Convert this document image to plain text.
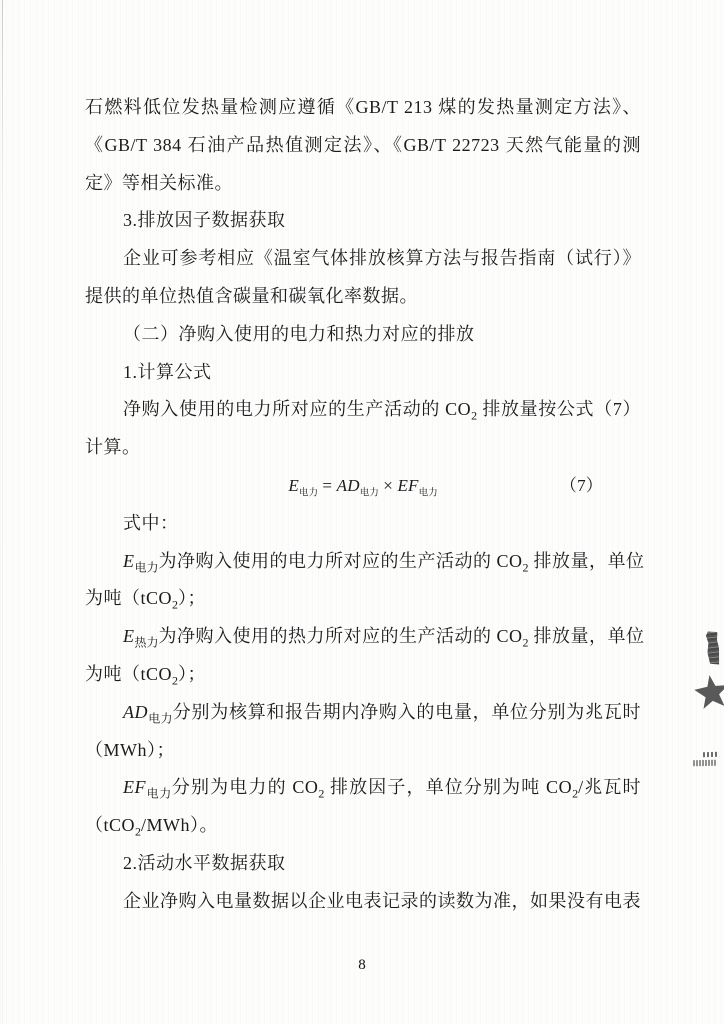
石燃料低位发热量检测应遵循《GB/T 213 煤的发热量测定方法》、
《GB/T 384 石油产品热值测定法》、《GB/T 22723 天然气能量的测
定》等相关标准。
3.排放因子数据获取
企业可参考相应《温室气体排放核算方法与报告指南（试行）》
提供的单位热值含碳量和碳氧化率数据。
（二）净购入使用的电力和热力对应的排放
1.计算公式
净购入使用的电力所对应的生产活动的 $CO_2$ 排放量按公式（7）
计算。
$E_{电力} = AD_{电力} \times EF_{电力}$	（7）
式中：
$E_{电力}$为净购入使用的电力所对应的生产活动的 $CO_2$ 排放量，单位
为吨（tCO$_2$）；
$E_{热力}$为净购入使用的热力所对应的生产活动的 $CO_2$ 排放量，单位
为吨（tCO$_2$）；
$AD_{电力}$分别为核算和报告期内净购入的电量，单位分别为兆瓦时
（MWh）；
$EF_{电力}$分别为电力的 $CO_2$ 排放因子，单位分别为吨 $CO_2/$兆瓦时
（tCO$_2$/MWh）。
2.活动水平数据获取
企业净购入电量数据以企业电表记录的读数为准，如果没有电表
8
